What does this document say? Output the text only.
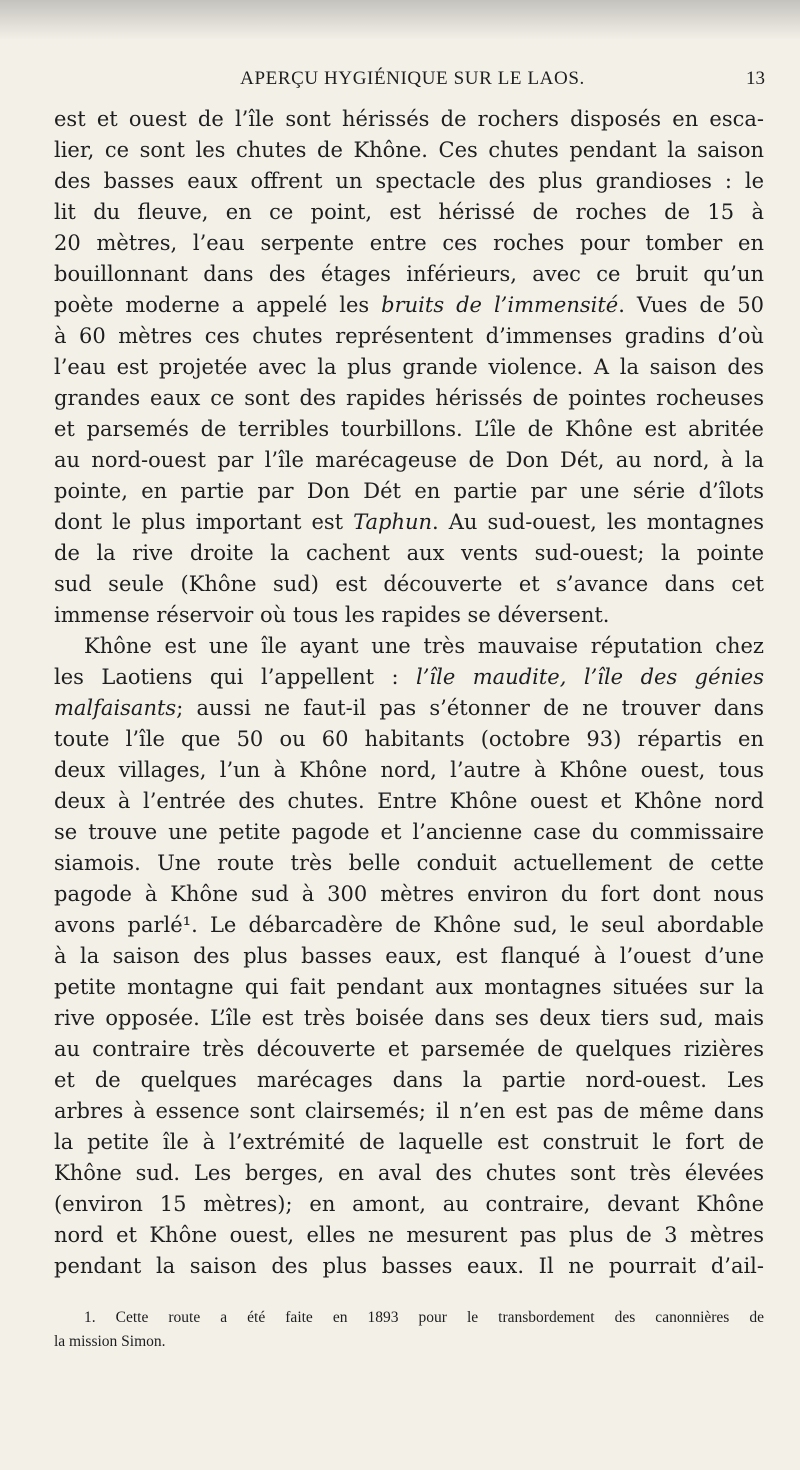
APERÇU HYGIÉNIQUE SUR LE LAOS.	13
est et ouest de l’île sont hérissés de rochers disposés en esca-
lier, ce sont les chutes de Khône. Ces chutes pendant la saison
des basses eaux offrent un spectacle des plus grandioses : le
lit du fleuve, en ce point, est hérissé de roches de 15 à
20 mètres, l’eau serpente entre ces roches pour tomber en
bouillonnant dans des étages inférieurs, avec ce bruit qu’un
poète moderne a appelé les bruits de l’immensité. Vues de 50
à 60 mètres ces chutes représentent d’immenses gradins d’où
l’eau est projetée avec la plus grande violence. A la saison des
grandes eaux ce sont des rapides hérissés de pointes rocheuses
et parsemés de terribles tourbillons. L’île de Khône est abritée
au nord-ouest par l’île marécageuse de Don Dét, au nord, à la
pointe, en partie par Don Dét en partie par une série d’îlots
dont le plus important est Taphun. Au sud-ouest, les montagnes
de la rive droite la cachent aux vents sud-ouest; la pointe
sud seule (Khône sud) est découverte et s’avance dans cet
immense réservoir où tous les rapides se déversent.
Khône est une île ayant une très mauvaise réputation chez
les Laotiens qui l’appellent : l’île maudite, l’île des génies
malfaisants; aussi ne faut-il pas s’étonner de ne trouver dans
toute l’île que 50 ou 60 habitants (octobre 93) répartis en
deux villages, l’un à Khône nord, l’autre à Khône ouest, tous
deux à l’entrée des chutes. Entre Khône ouest et Khône nord
se trouve une petite pagode et l’ancienne case du commissaire
siamois. Une route très belle conduit actuellement de cette
pagode à Khône sud à 300 mètres environ du fort dont nous
avons parlé¹. Le débarcadère de Khône sud, le seul abordable
à la saison des plus basses eaux, est flanqué à l’ouest d’une
petite montagne qui fait pendant aux montagnes situées sur la
rive opposée. L’île est très boisée dans ses deux tiers sud, mais
au contraire très découverte et parsemée de quelques rizières
et de quelques marécages dans la partie nord-ouest. Les
arbres à essence sont clairsemés; il n’en est pas de même dans
la petite île à l’extrémité de laquelle est construit le fort de
Khône sud. Les berges, en aval des chutes sont très élevées
(environ 15 mètres); en amont, au contraire, devant Khône
nord et Khône ouest, elles ne mesurent pas plus de 3 mètres
pendant la saison des plus basses eaux. Il ne pourrait d’ail-
1. Cette route a été faite en 1893 pour le transbordement des canonnières de
la mission Simon.
